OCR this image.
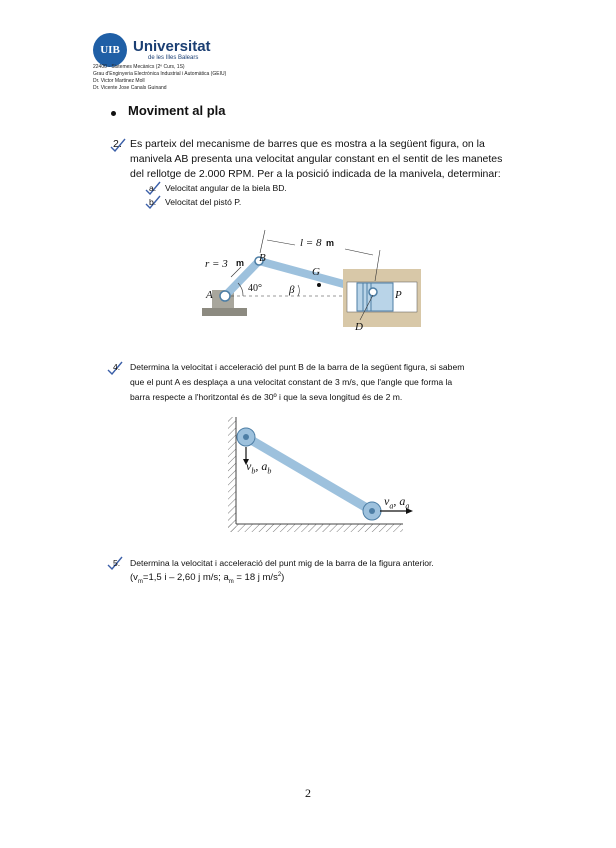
UIB Universitat
de les Illes Balears
22400 - Sistemes Mecànics (2º Curs, 1S)
Grau d'Enginyeria Electrònica Industrial i Automàtica (GEIU)
Dr. Victor Martinez Moll
Dr. Vicente Jose Canals Guinand
Moviment al pla
2. Es parteix del mecanisme de barres que es mostra a la següent figura, on la
manivela AB presenta una velocitat angular constant en el sentit de les manetes
del rellotge de 2.000 RPM. Per a la posició indicada de la manivela, determinar:
a. Velocitat angular de la biela BD.
b. Velocitat del pistó P.
r = 3 m
l = 8 m
A
B
G
D
P
40° β
4. Determina la velocitat i acceleració del punt B de la barra de la següent figura, si sabem
que el punt A es desplaça a una velocitat constant de 3 m/s, que l'angle que forma la
barra respecte a l'horitzontal és de 30º i que la seva longitud és de 2 m.
$v_b$, $a_b$
$v_a$, $a_a$
5. Determina la velocitat i acceleració del punt mig de la barra de la figura anterior.
($v_m=1,5$ i – 2,60 j m/s; $a_m = 18$ j $m/s^2$)
2
